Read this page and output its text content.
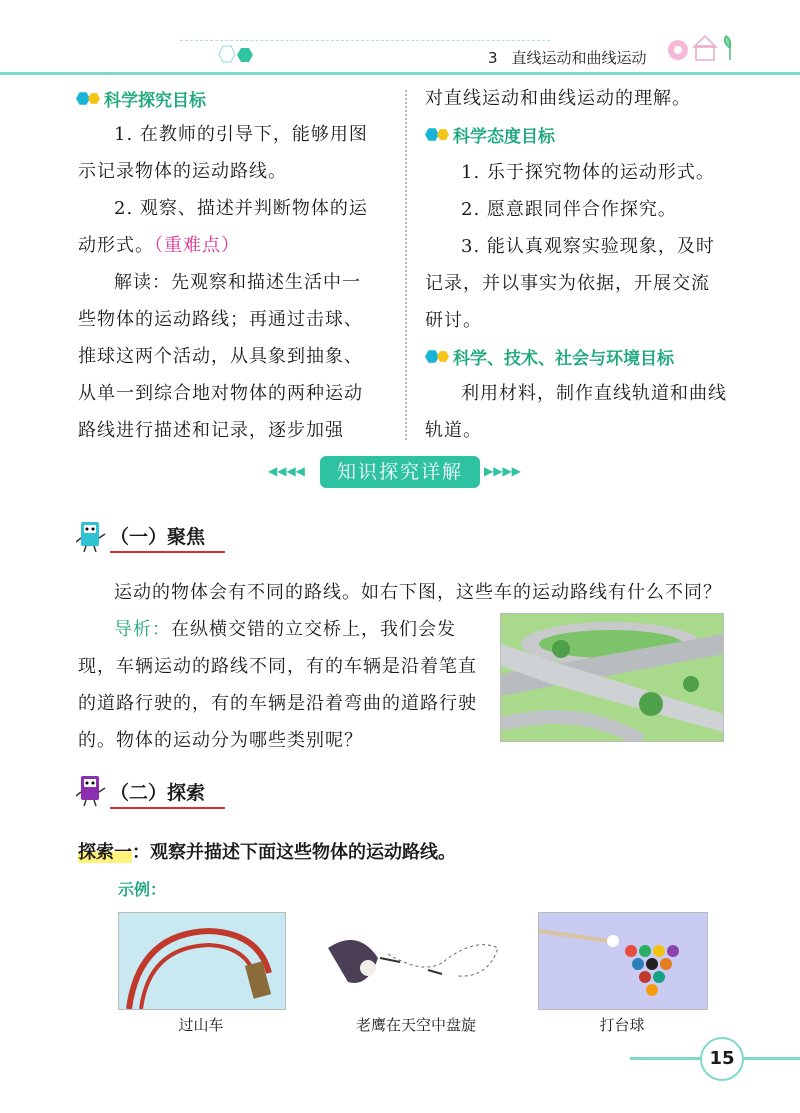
3 直线运动和曲线运动
科学探究目标
1. 在教师的引导下，能够用图示记录物体的运动路线。
2. 观察、描述并判断物体的运动形式。（重难点）
解读：先观察和描述生活中一些物体的运动路线；再通过击球、推球这两个活动，从具象到抽象、从单一到综合地对物体的两种运动路线进行描述和记录，逐步加强
对直线运动和曲线运动的理解。
科学态度目标
1. 乐于探究物体的运动形式。
2. 愿意跟同伴合作探究。
3. 能认真观察实验现象，及时记录，并以事实为依据，开展交流研讨。
科学、技术、社会与环境目标
利用材料，制作直线轨道和曲线轨道。
◀◀◀◀	知识探究详解	▶▶▶▶
（一）聚焦
运动的物体会有不同的路线。如右下图，这些车的运动路线有什么不同？
导析：在纵横交错的立交桥上，我们会发现，车辆运动的路线不同，有的车辆是沿着笔直的道路行驶的，有的车辆是沿着弯曲的道路行驶的。物体的运动分为哪些类别呢？
（二）探索
探索一：观察并描述下面这些物体的运动路线。
示例：
过山车	老鹰在天空中盘旋	打台球
15
